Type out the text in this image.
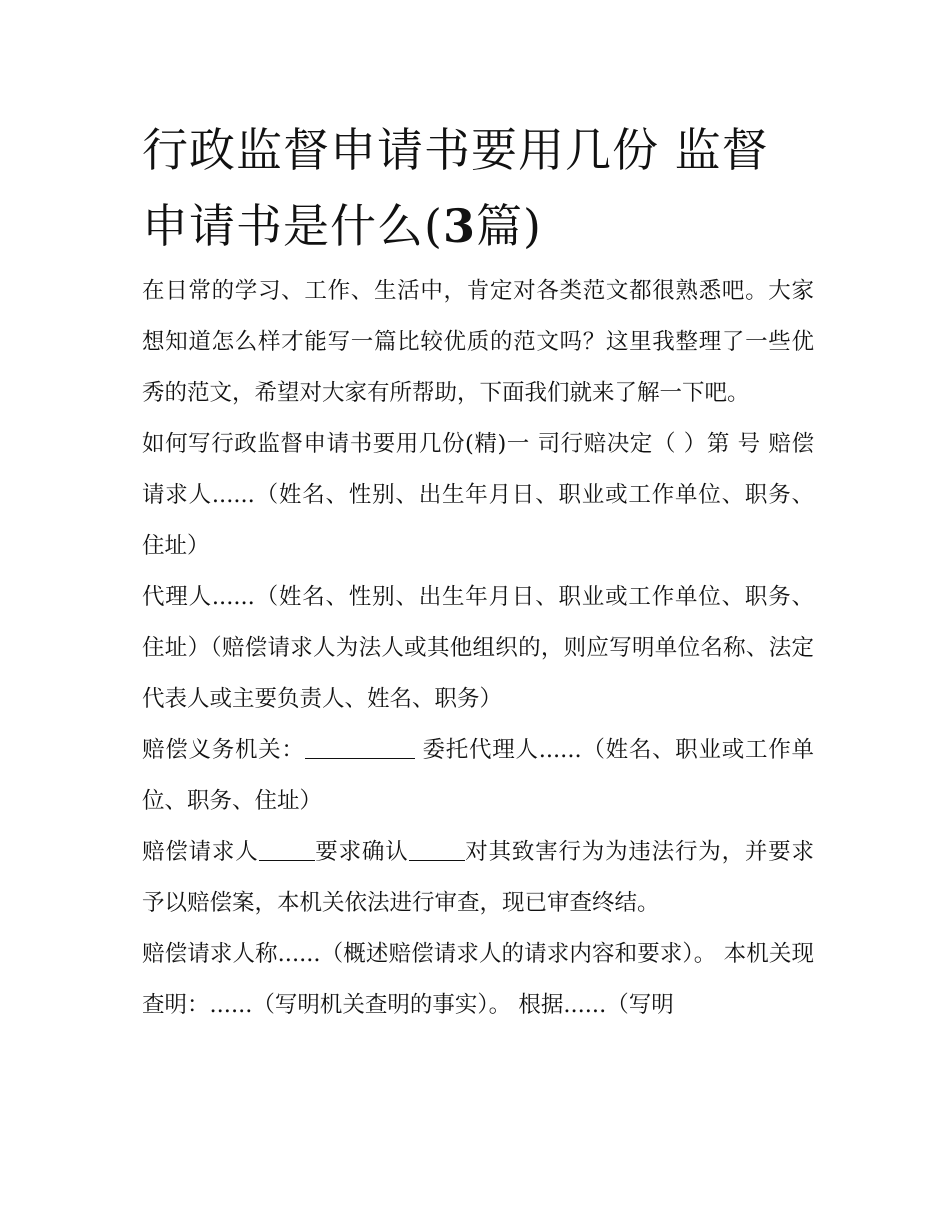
行政监督申请书要用几份 监督申请书是什么(3篇)

在日常的学习、工作、生活中，肯定对各类范文都很熟悉吧。大家想知道怎么样才能写一篇比较优质的范文吗？这里我整理了一些优秀的范文，希望对大家有所帮助，下面我们就来了解一下吧。

如何写行政监督申请书要用几份(精)一 司行赔决定（ ）第 号 赔偿请求人......（姓名、性别、出生年月日、职业或工作单位、职务、住址）

代理人......（姓名、性别、出生年月日、职业或工作单位、职务、住址）（赔偿请求人为法人或其他组织的，则应写明单位名称、法定代表人或主要负责人、姓名、职务）

赔偿义务机关：	委托代理人......（姓名、职业或工作单位、职务、住址）

赔偿请求人 要求确认 对其致害行为为违法行为，并要求予以赔偿案，本机关依法进行审查，现已审查终结。

赔偿请求人称......（概述赔偿请求人的请求内容和要求）。 本机关现查明：......（写明机关查明的事实）。 根据......（写明
